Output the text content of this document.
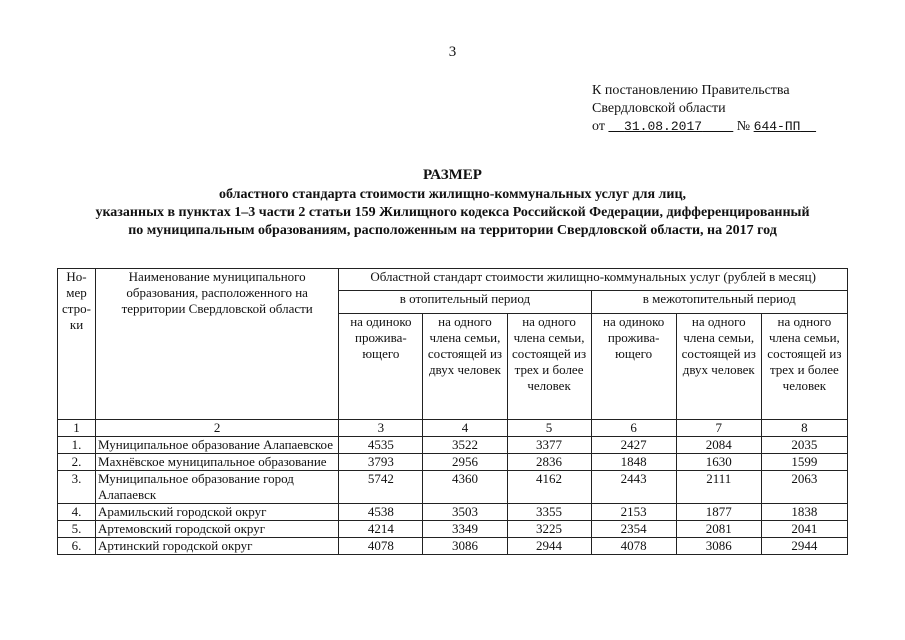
3
К постановлению Правительства
Свердловской области
от 31.08.2017 № 644-ПП
РАЗМЕР
областного стандарта стоимости жилищно-коммунальных услуг для лиц,
указанных в пунктах 1–3 части 2 статьи 159 Жилищного кодекса Российской Федерации, дифференцированный
по муниципальным образованиям, расположенным на территории Свердловской области, на 2017 год
Но-мер стро-ки	Наименование муниципального образования, расположенного на территории Свердловской области	Областной стандарт стоимости жилищно-коммунальных услуг (рублей в месяц)					
		в отопительный период			в межотопительный период		
		на одиноко прожива-ющего	на одного члена семьи, состоящей из двух человек	на одного члена семьи, состоящей из трех и более человек	на одиноко прожива-ющего	на одного члена семьи, состоящей из двух человек	на одного члена семьи, состоящей из трех и более человек
1	2	3	4	5	6	7	8
1.	Муниципальное образование Алапаевское	4535	3522	3377	2427	2084	2035
2.	Махнёвское муниципальное образование	3793	2956	2836	1848	1630	1599
3.	Муниципальное образование город Алапаевск	5742	4360	4162	2443	2111	2063
4.	Арамильский городской округ	4538	3503	3355	2153	1877	1838
5.	Артемовский городской округ	4214	3349	3225	2354	2081	2041
6.	Артинский городской округ	4078	3086	2944	4078	3086	2944
